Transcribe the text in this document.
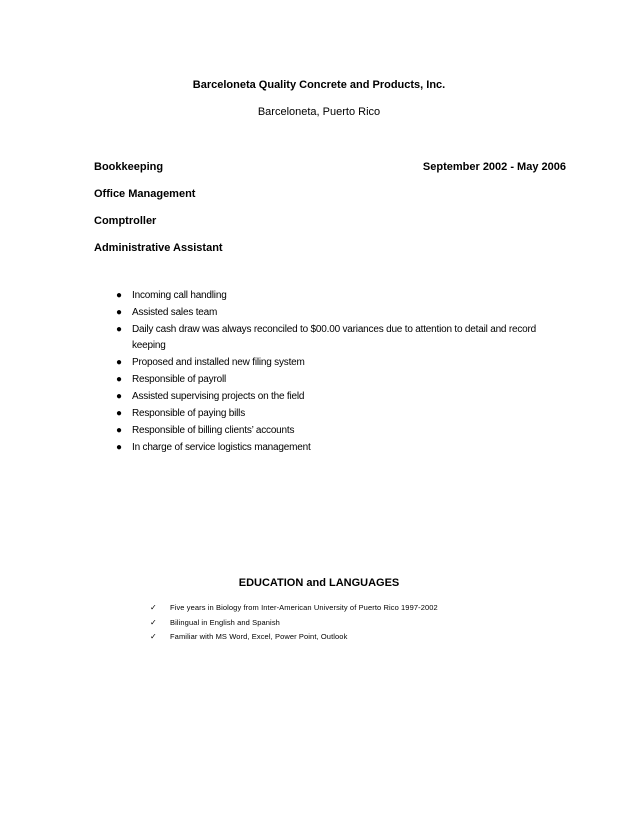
Barceloneta Quality Concrete and Products, Inc.
Barceloneta, Puerto Rico
Bookkeeping	September 2002 - May 2006
Office Management
Comptroller
Administrative Assistant
● Incoming call handling
● Assisted sales team
● Daily cash draw was always reconciled to $00.00 variances due to attention to detail and record keeping
● Proposed and installed new filing system
● Responsible of payroll
● Assisted supervising projects on the field
● Responsible of paying bills
● Responsible of billing clients’ accounts
● In charge of service logistics management
EDUCATION and LANGUAGES
✓ Five years in Biology from Inter-American University of Puerto Rico 1997-2002
✓ Bilingual in English and Spanish
✓ Familiar with MS Word, Excel, Power Point, Outlook
